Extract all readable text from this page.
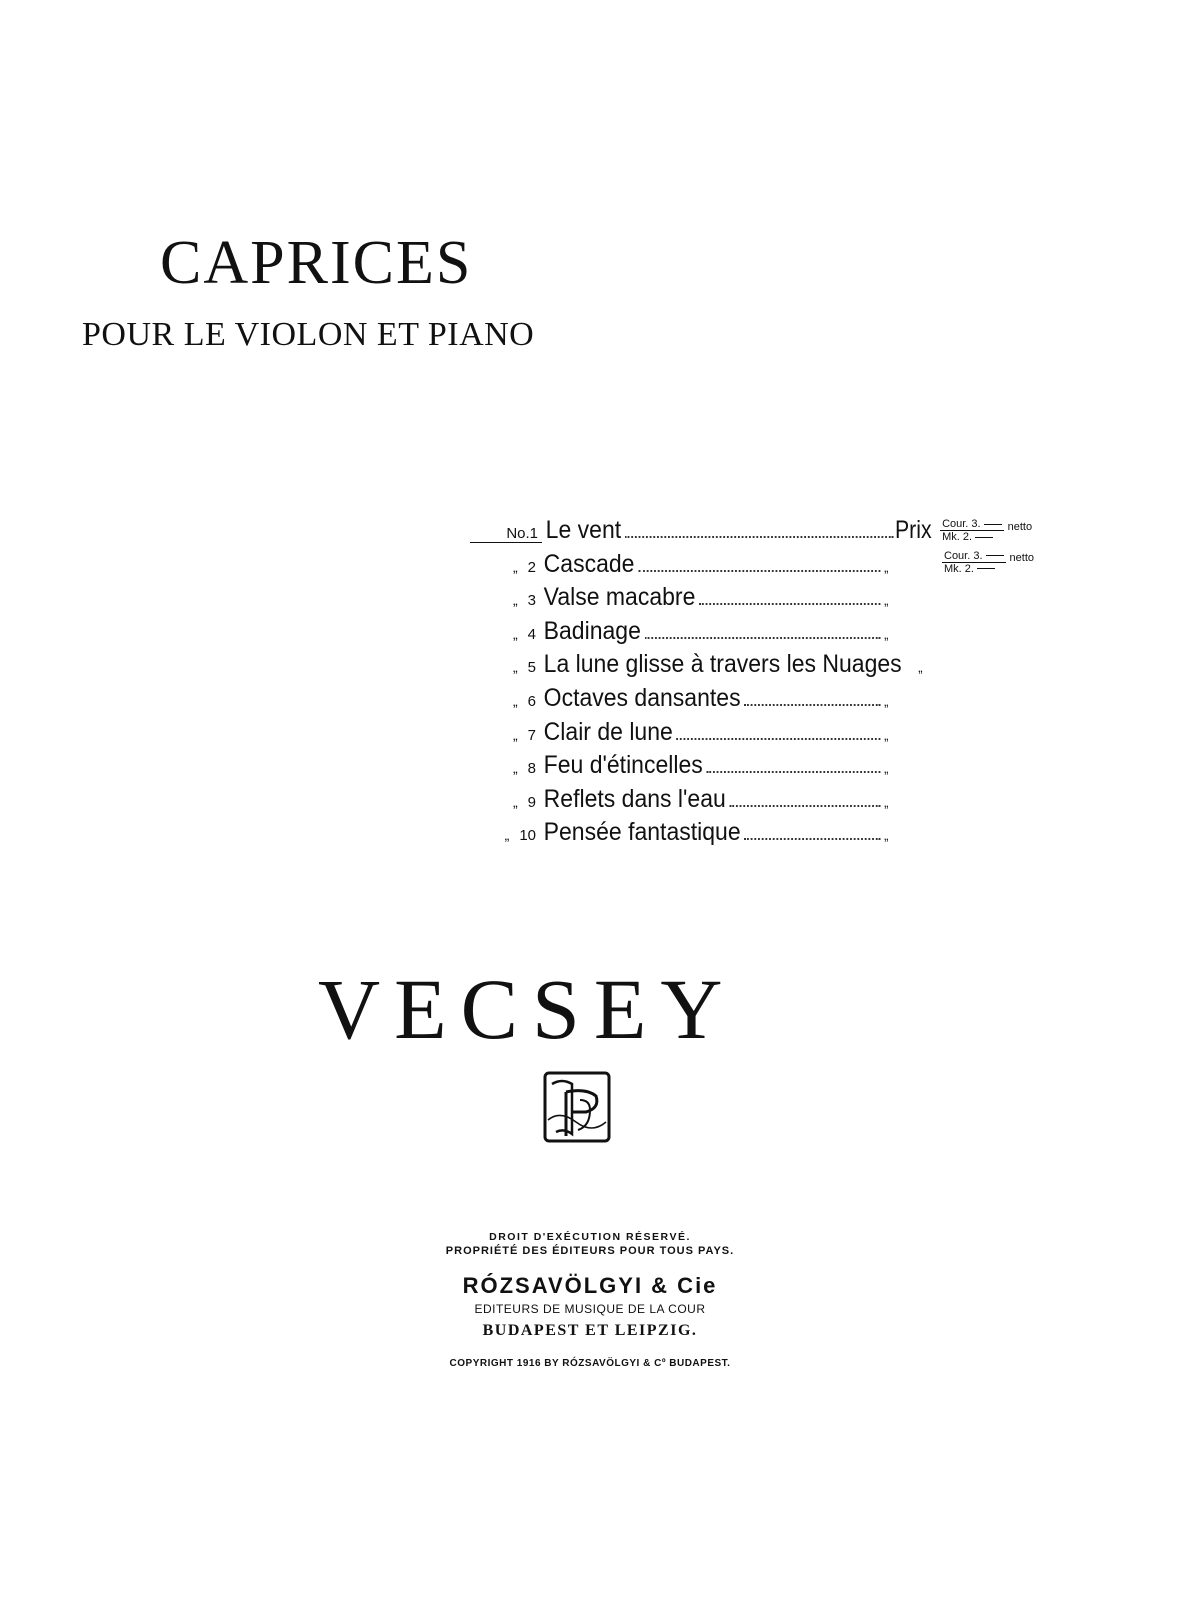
CAPRICES
POUR LE VIOLON ET PIANO
No.1 Le vent	Prix $\frac{\text{Cour. 3.}}{Mk. 2.}$ netto
„ 2 Cascade	„	$\frac{\text{Cour. 3.}}{Mk. 2.}$ netto
„ 3 Valse macabre	„
„ 4 Badinage	„
„ 5 La lune glisse à travers les Nuages „
„ 6 Octaves dansantes	„
„ 7 Clair de lune	„
„ 8 Feu d'étincelles	„
„ 9 Reflets dans l'eau	„
„ 10 Pensée fantastique	„
VECSEY
DROIT D'EXÉCUTION RÉSERVÉ.
PROPRIÉTÉ DES ÉDITEURS POUR TOUS PAYS.
RÓZSAVÖLGYI & Cie
EDITEURS DE MUSIQUE DE LA COUR
BUDAPEST ET LEIPZIG.
COPYRIGHT 1916 BY RÓZSAVÖLGYI & Cº BUDAPEST.
